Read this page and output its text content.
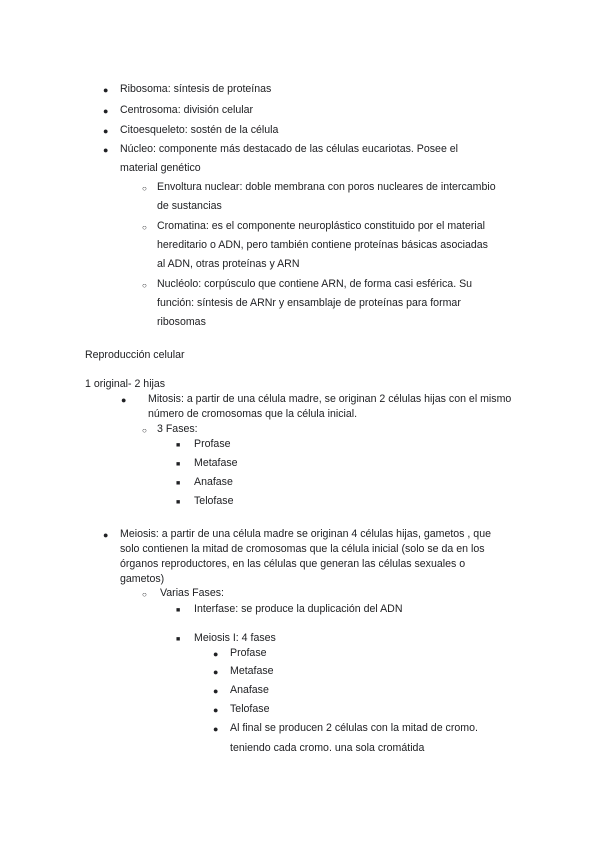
● Ribosoma: síntesis de proteínas
● Centrosoma: división celular
● Citoesqueleto: sostén de la célula
● Núcleo: componente más destacado de las células eucariotas. Posee el
material genético
○ Envoltura nuclear: doble membrana con poros nucleares de intercambio
de sustancias
○ Cromatina: es el componente neuroplástico constituido por el material
hereditario o ADN, pero también contiene proteínas básicas asociadas
al ADN, otras proteínas y ARN
○ Nucléolo: corpúsculo que contiene ARN, de forma casi esférica. Su
función: síntesis de ARNr y ensamblaje de proteínas para formar
ribosomas
Reproducción celular
1 original- 2 hijas
● Mitosis: a partir de una célula madre, se originan 2 células hijas con el mismo
número de cromosomas que la célula inicial.
○ 3 Fases:
■ Profase
■ Metafase
■ Anafase
■ Telofase
● Meiosis: a partir de una célula madre se originan 4 células hijas, gametos , que
solo contienen la mitad de cromosomas que la célula inicial (solo se da en los
órganos reproductores, en las células que generan las células sexuales o
gametos)
○ Varias Fases:
■ Interfase: se produce la duplicación del ADN
■ Meiosis I: 4 fases
● Profase
● Metafase
● Anafase
● Telofase
● Al final se producen 2 células con la mitad de cromo.
teniendo cada cromo. una sola cromátida
